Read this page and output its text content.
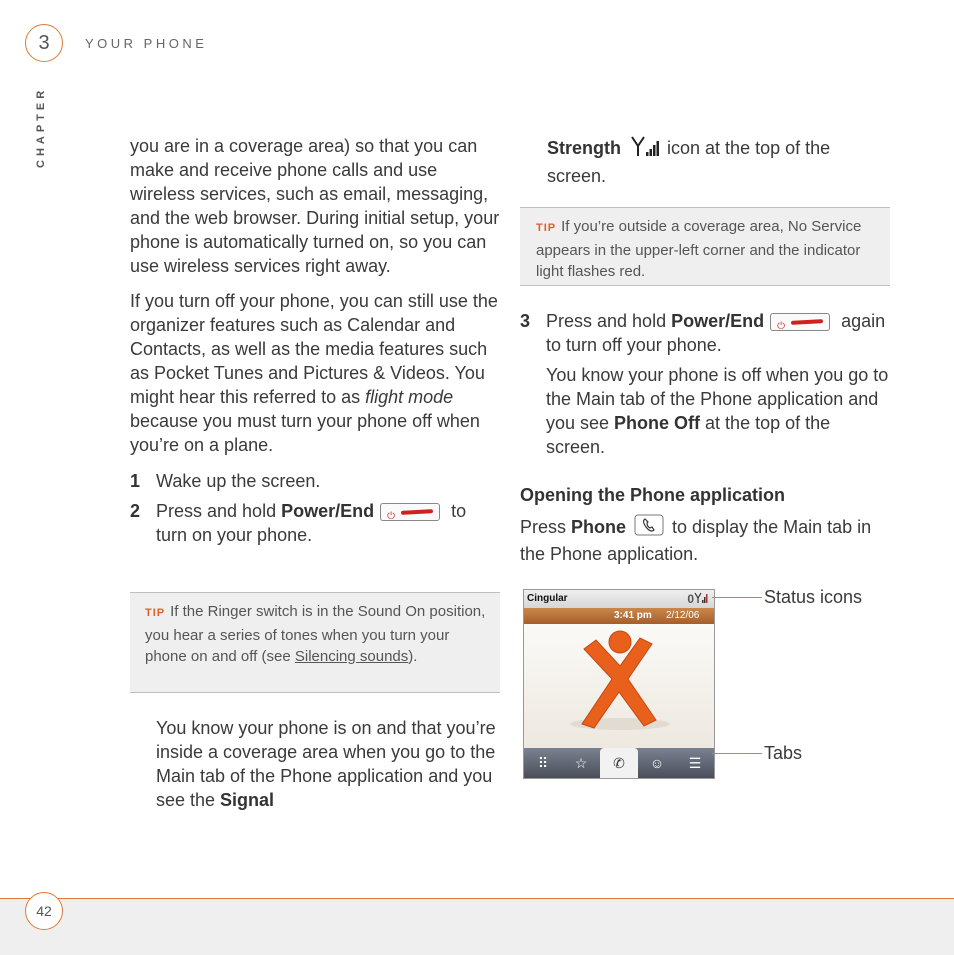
3	YOUR PHONE
CHAPTER	you are in a coverage area) so that you can make and receive phone calls and use wireless services, such as email, messaging, and the web browser. During initial setup, your phone is automatically turned on, so you can use wireless services right away.

If you turn off your phone, you can still use the organizer features such as Calendar and Contacts, as well as the media features such as Pocket Tunes and Pictures & Videos. You might hear this referred to as flight mode because you must turn your phone off when you’re on a plane.

1 Wake up the screen.
2 Press and hold Power/End ⏻	to turn on your phone.
TIP If the Ringer switch is in the Sound On position, you hear a series of tones when you turn your phone on and off (see Silencing sounds).
You know your phone is on and that you’re inside a coverage area when you go to the Main tab of the Phone application and you see the Signal
Strength  icon at the top of the screen.
TIP If you’re outside a coverage area, No Service appears in the upper-left corner and the indicator light flashes red.
3 Press and hold Power/End ⏻	again to turn off your phone.
You know your phone is off when you go to the Main tab of the Phone application and you see Phone Off at the top of the screen.
Opening the Phone application
Press Phone  to display the Main tab in the Phone application.
Cingular	0
3:41 pm 2/12/06
⠿ ☆ ✆ ☺ ☰
Status icons
Tabs
42
